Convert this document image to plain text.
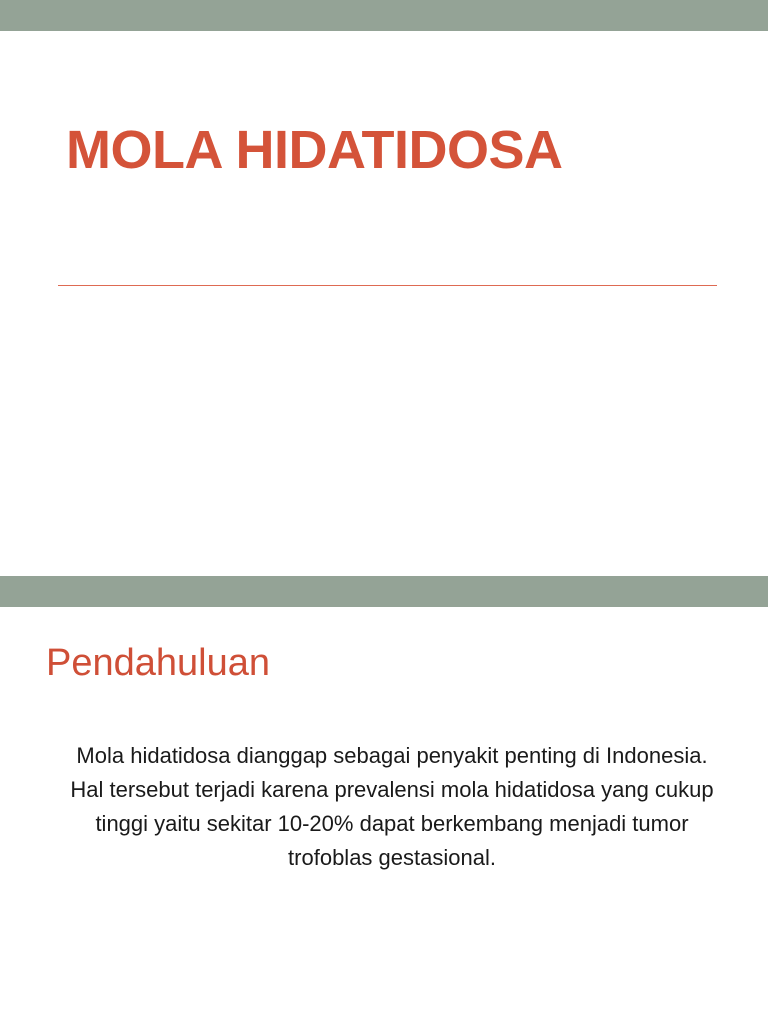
MOLA HIDATIDOSA
Pendahuluan

Mola hidatidosa dianggap sebagai penyakit penting di Indonesia. Hal tersebut terjadi karena prevalensi mola hidatidosa yang cukup tinggi yaitu sekitar 10-20% dapat berkembang menjadi tumor trofoblas gestasional.
